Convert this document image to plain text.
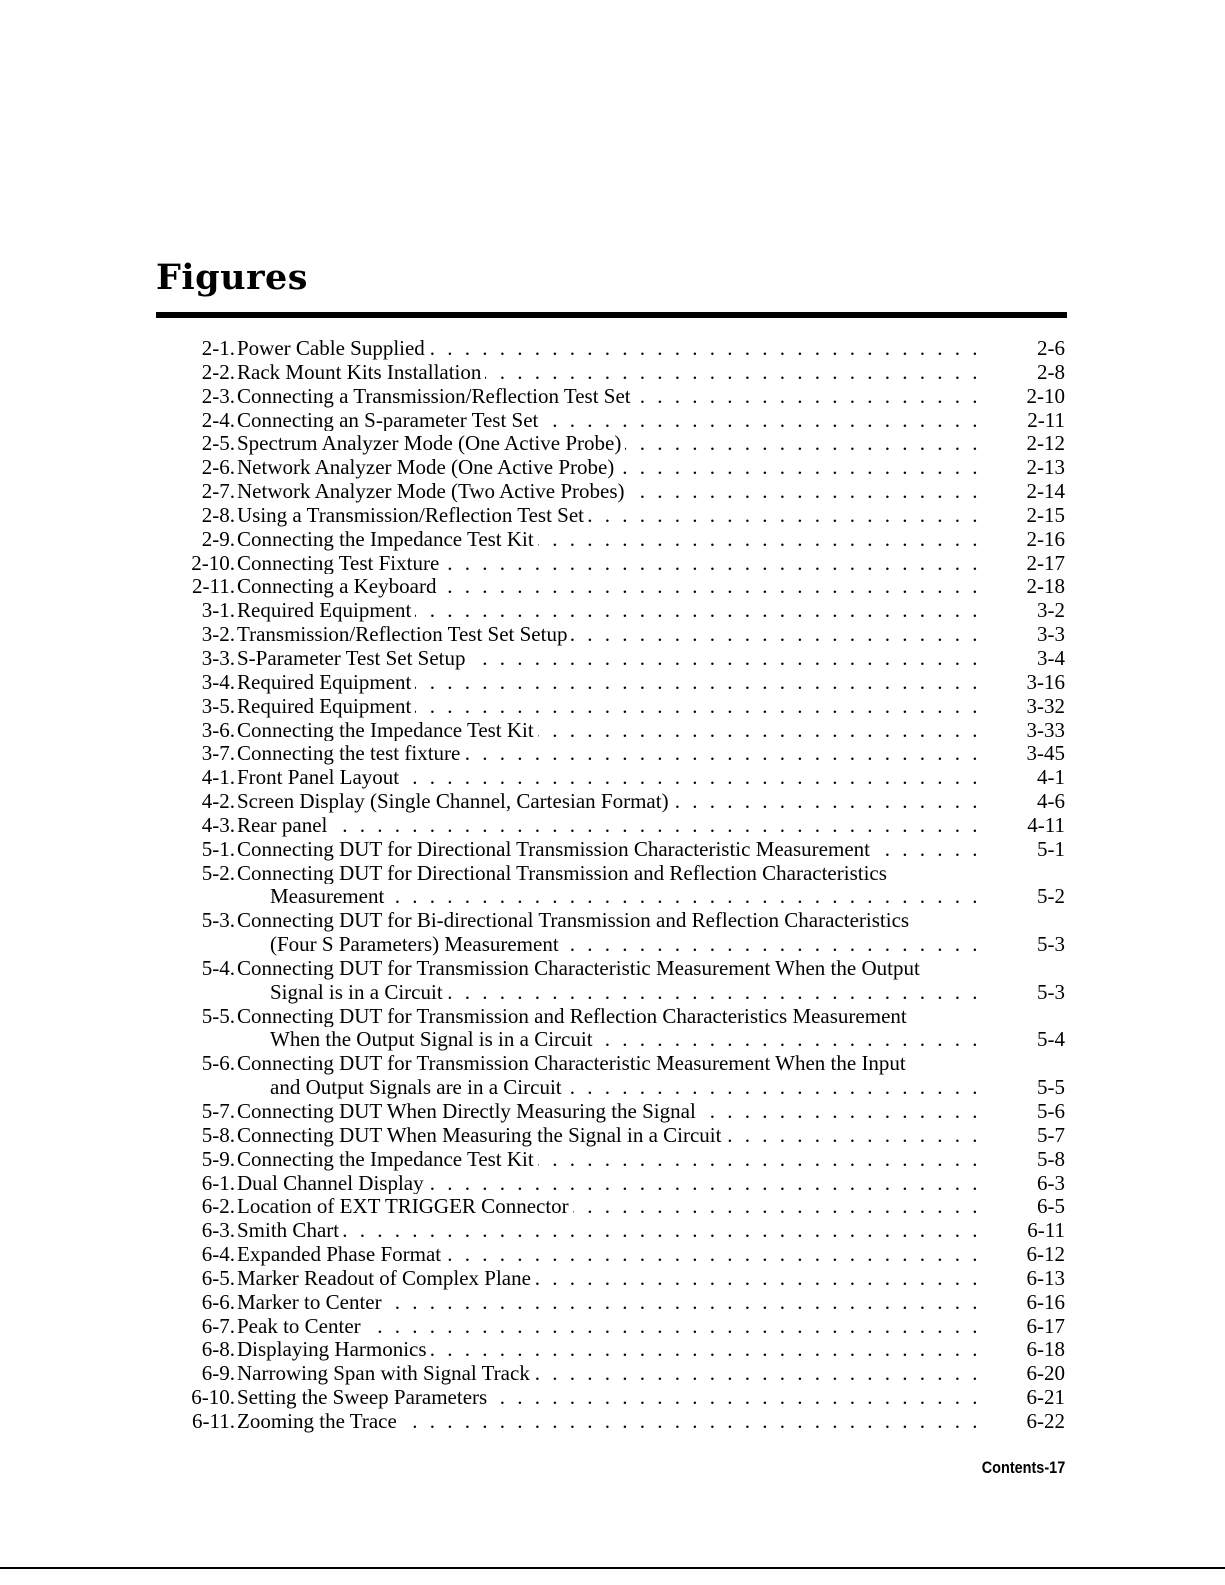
Figures
2-1. Power Cable Supplied . . .	2-6
2-2. Rack Mount Kits Installation . . .	2-8
2-3. Connecting a Transmission/Reflection Test Set . . .	2-10
2-4. Connecting an S-parameter Test Set . . .	2-11
2-5. Spectrum Analyzer Mode (One Active Probe) . . .	2-12
2-6. Network Analyzer Mode (One Active Probe) . . .	2-13
2-7. Network Analyzer Mode (Two Active Probes) . . .	2-14
2-8. Using a Transmission/Reflection Test Set . . .	2-15
2-9. Connecting the Impedance Test Kit . . .	2-16
2-10. Connecting Test Fixture . . .	2-17
2-11. Connecting a Keyboard . . .	2-18
3-1. Required Equipment . . .	3-2
3-2. Transmission/Reflection Test Set Setup . . .	3-3
3-3. S-Parameter Test Set Setup . . .	3-4
3-4. Required Equipment . . .	3-16
3-5. Required Equipment . . .	3-32
3-6. Connecting the Impedance Test Kit . . .	3-33
3-7. Connecting the test fixture . . .	3-45
4-1. Front Panel Layout . . .	4-1
4-2. Screen Display (Single Channel, Cartesian Format) . . .	4-6
4-3. Rear panel . . .	4-11
5-1. Connecting DUT for Directional Transmission Characteristic Measurement . . .	5-1
5-2. Connecting DUT for Directional Transmission and Reflection Characteristics
Measurement . . .	5-2
5-3. Connecting DUT for Bi-directional Transmission and Reflection Characteristics
(Four S Parameters) Measurement . . .	5-3
5-4. Connecting DUT for Transmission Characteristic Measurement When the Output
Signal is in a Circuit . . .	5-3
5-5. Connecting DUT for Transmission and Reflection Characteristics Measurement
When the Output Signal is in a Circuit . . .	5-4
5-6. Connecting DUT for Transmission Characteristic Measurement When the Input
and Output Signals are in a Circuit . . .	5-5
5-7. Connecting DUT When Directly Measuring the Signal . . .	5-6
5-8. Connecting DUT When Measuring the Signal in a Circuit . . .	5-7
5-9. Connecting the Impedance Test Kit . . .	5-8
6-1. Dual Channel Display . . .	6-3
6-2. Location of EXT TRIGGER Connector . . .	6-5
6-3. Smith Chart . . .	6-11
6-4. Expanded Phase Format . . .	6-12
6-5. Marker Readout of Complex Plane . . .	6-13
6-6. Marker to Center . . .	6-16
6-7. Peak to Center . . .	6-17
6-8. Displaying Harmonics . . .	6-18
6-9. Narrowing Span with Signal Track . . .	6-20
6-10. Setting the Sweep Parameters . . .	6-21
6-11. Zooming the Trace . . .	6-22
Contents-17
